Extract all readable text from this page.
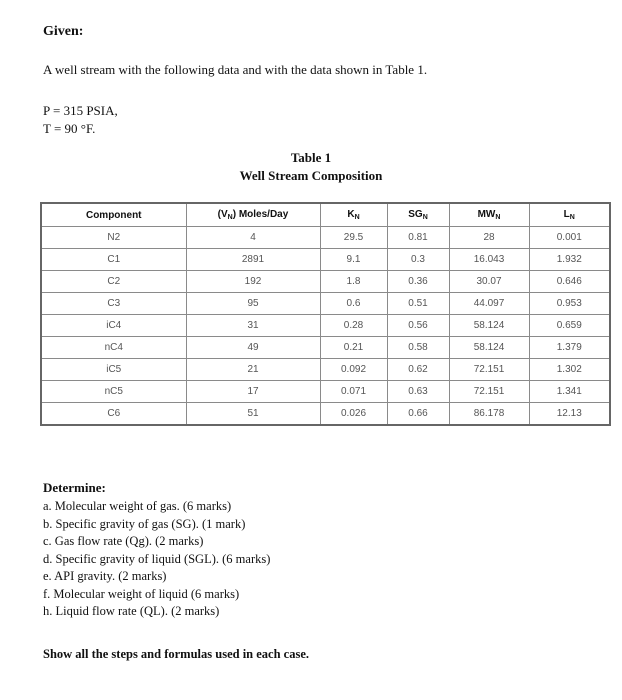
Given:
A well stream with the following data and with the data shown in Table 1.
P = 315 PSIA,
T = 90 °F.
Table 1
Well Stream Composition
Component	$(V_N)$ Moles/Day	$K_N$	$SG_N$	$MW_N$	$L_N$
N2	4	29.5	0.81	28	0.001
C1	2891	9.1	0.3	16.043	1.932
C2	192	1.8	0.36	30.07	0.646
C3	95	0.6	0.51	44.097	0.953
iC4	31	0.28	0.56	58.124	0.659
nC4	49	0.21	0.58	58.124	1.379
iC5	21	0.092	0.62	72.151	1.302
nC5	17	0.071	0.63	72.151	1.341
C6	51	0.026	0.66	86.178	12.13
Determine:
a. Molecular weight of gas. (6 marks)
b. Specific gravity of gas (SG). (1 mark)
c. Gas flow rate (Qg). (2 marks)
d. Specific gravity of liquid (SGL). (6 marks)
e. API gravity. (2 marks)
f. Molecular weight of liquid (6 marks)
h. Liquid flow rate (QL). (2 marks)
Show all the steps and formulas used in each case.
